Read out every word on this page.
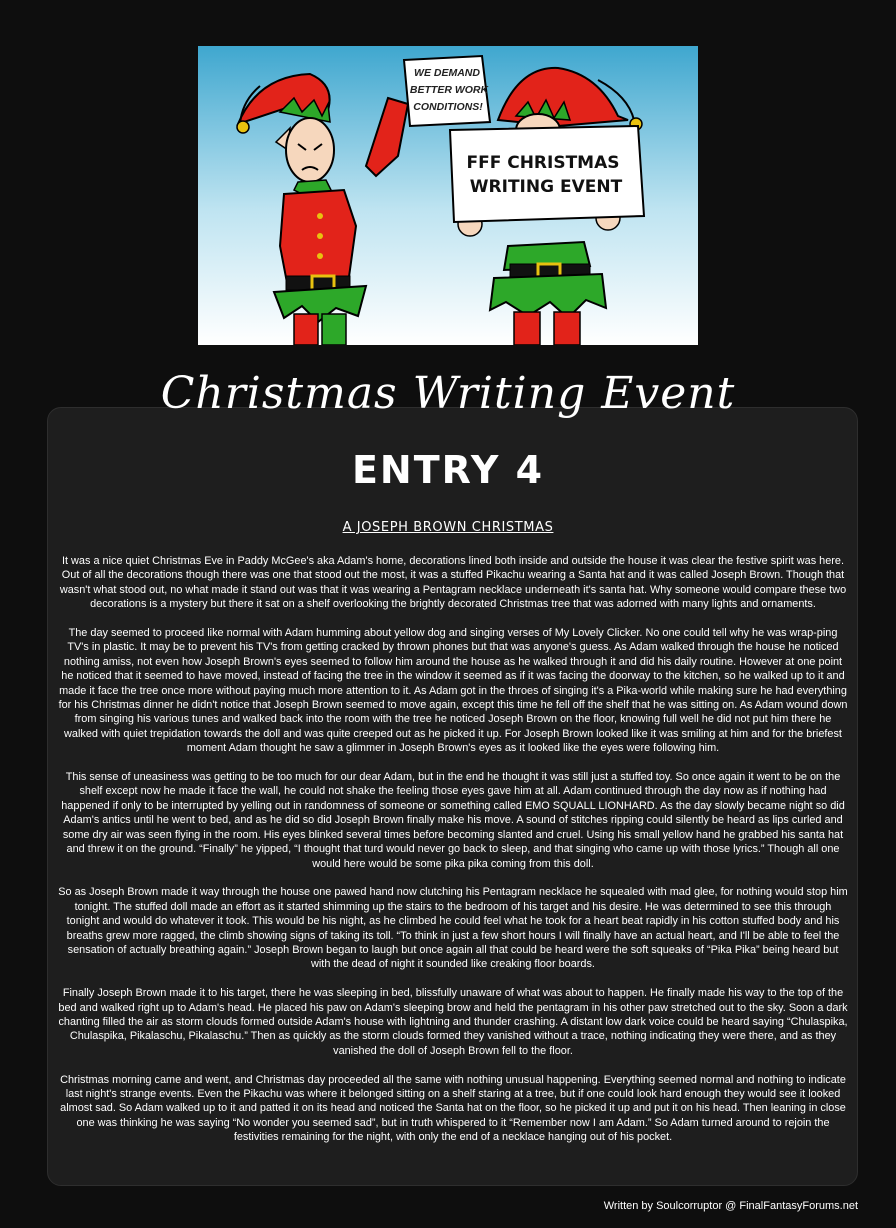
WE DEMAND
BETTER WORK
CONDITIONS!
FFF CHRISTMAS
WRITING EVENT
Christmas Writing Event
ENTRY 4
A JOSEPH BROWN CHRISTMAS

It was a nice quiet Christmas Eve in Paddy McGee's aka Adam's home, decorations lined both inside and outside the house it was clear the festive spirit was here. Out of all the decorations though there was one that stood out the most, it was a stuffed Pikachu wearing a Santa hat and it was called Joseph Brown. Though that wasn't what stood out, no what made it stand out was that it was wearing a Pentagram necklace underneath it's santa hat. Why someone would compare these two decorations is a mystery but there it sat on a shelf overlooking the brightly decorated Christmas tree that was adorned with many lights and ornaments.

The day seemed to proceed like normal with Adam humming about yellow dog and singing verses of My Lovely Clicker. No one could tell why he was wrap-ping TV's in plastic. It may be to prevent his TV's from getting cracked by thrown phones but that was anyone's guess. As Adam walked through the house he noticed nothing amiss, not even how Joseph Brown's eyes seemed to follow him around the house as he walked through it and did his daily routine. However at one point he noticed that it seemed to have moved, instead of facing the tree in the window it seemed as if it was facing the doorway to the kitchen, so he walked up to it and made it face the tree once more without paying much more attention to it. As Adam got in the throes of singing it's a Pika-world while making sure he had everything for his Christmas dinner he didn't notice that Joseph Brown seemed to move again, except this time he fell off the shelf that he was sitting on. As Adam wound down from singing his various tunes and walked back into the room with the tree he noticed Joseph Brown on the floor, knowing full well he did not put him there he walked with quiet trepidation towards the doll and was quite creeped out as he picked it up. For Joseph Brown looked like it was smiling at him and for the briefest moment Adam thought he saw a glimmer in Joseph Brown's eyes as it looked like the eyes were following him.

This sense of uneasiness was getting to be too much for our dear Adam, but in the end he thought it was still just a stuffed toy. So once again it went to be on the shelf except now he made it face the wall, he could not shake the feeling those eyes gave him at all. Adam continued through the day now as if nothing had happened if only to be interrupted by yelling out in randomness of someone or something called EMO SQUALL LIONHARD. As the day slowly became night so did Adam's antics until he went to bed, and as he did so did Joseph Brown finally make his move. A sound of stitches ripping could silently be heard as lips curled and some dry air was seen flying in the room. His eyes blinked several times before becoming slanted and cruel. Using his small yellow hand he grabbed his santa hat and threw it on the ground. “Finally” he yipped, “I thought that turd would never go back to sleep, and that singing who came up with those lyrics.” Though all one would here would be some pika pika coming from this doll.

So as Joseph Brown made it way through the house one pawed hand now clutching his Pentagram necklace he squealed with mad glee, for nothing would stop him tonight. The stuffed doll made an effort as it started shimming up the stairs to the bedroom of his target and his desire. He was determined to see this through tonight and would do whatever it took. This would be his night, as he climbed he could feel what he took for a heart beat rapidly in his cotton stuffed body and his breaths grew more ragged, the climb showing signs of taking its toll. “To think in just a few short hours I will finally have an actual heart, and I'll be able to feel the sensation of actually breathing again.” Joseph Brown began to laugh but once again all that could be heard were the soft squeaks of “Pika Pika” being heard but with the dead of night it sounded like creaking floor boards.

Finally Joseph Brown made it to his target, there he was sleeping in bed, blissfully unaware of what was about to happen. He finally made his way to the top of the bed and walked right up to Adam's head. He placed his paw on Adam's sleeping brow and held the pentagram in his other paw stretched out to the sky. Soon a dark chanting filled the air as storm clouds formed outside Adam's house with lightning and thunder crashing. A distant low dark voice could be heard saying “Chulaspika, Chulaspika, Pikalaschu, Pikalaschu.” Then as quickly as the storm clouds formed they vanished without a trace, nothing indicating they were there, and as they vanished the doll of Joseph Brown fell to the floor.

Christmas morning came and went, and Christmas day proceeded all the same with nothing unusual happening. Everything seemed normal and nothing to indicate last night's strange events. Even the Pikachu was where it belonged sitting on a shelf staring at a tree, but if one could look hard enough they would see it looked almost sad. So Adam walked up to it and patted it on its head and noticed the Santa hat on the floor, so he picked it up and put it on his head. Then leaning in close one was thinking he was saying “No wonder you seemed sad”, but in truth whispered to it “Remember now I am Adam.” So Adam turned around to rejoin the festivities remaining for the night, with only the end of a necklace hanging out of his pocket.

Written by Soulcorruptor @ FinalFantasyForums.net
